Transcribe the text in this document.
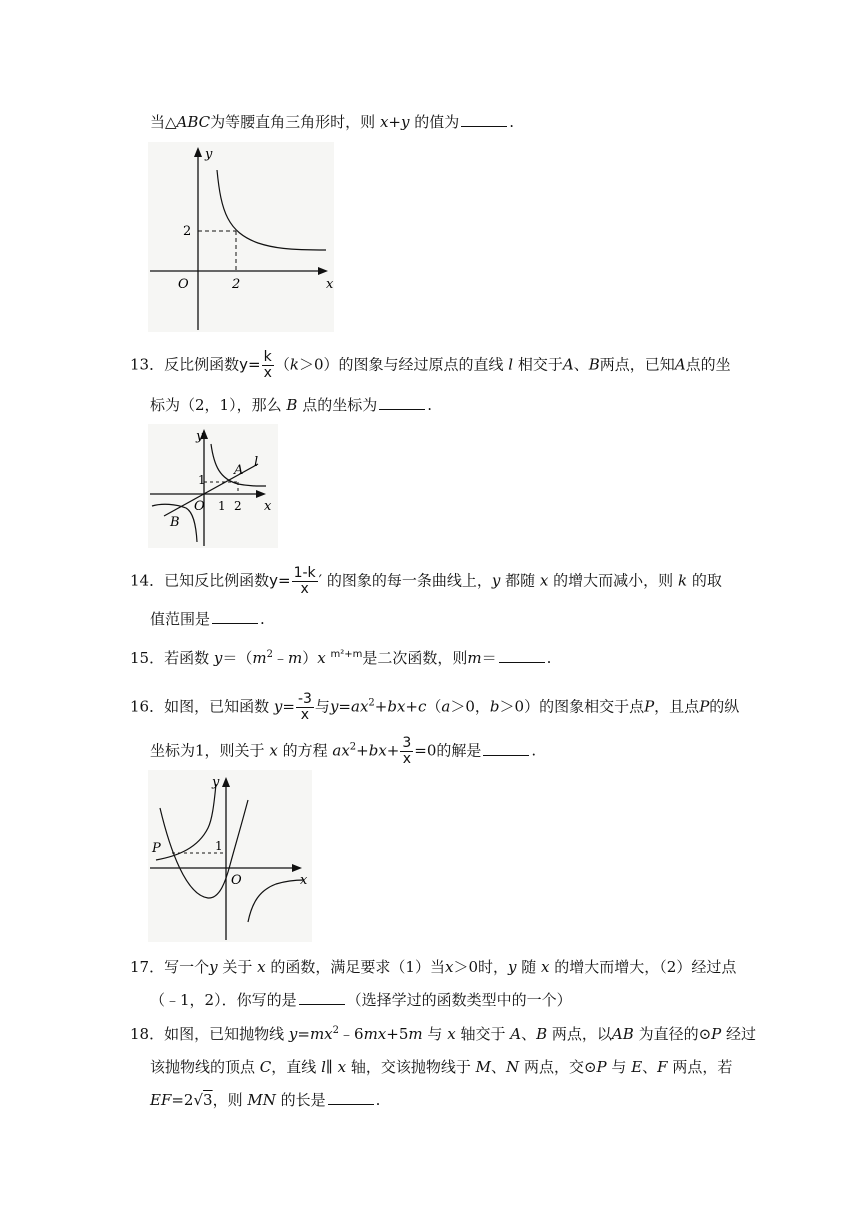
当△ABC为等腰直角三角形时，则 x+y 的值为	.
y
x
O
2
2
13．反比例函数$y= \frac{k}{x} (k>0)$的图象与经过原点的直线 l 相交于A、B两点，已知A点的坐
标为（2，1），那么 B 点的坐标为	.
y
x
O
1
1 2
A
B
l
14．已知反比例函数$y= \frac{1-k}{x}$ ′ 的图象的每一条曲线上，y 都随 x 的增大而减小，则 k 的取
值范围是	.
15．若函数 $y=(m^2﹣m)x$ $^{m^2+m}$是二次函数，则m＝	.
16．如图，已知函数 $y= \frac{-3}{x}$ 与$y=ax^2+bx+c(a>0$，b＞0）的图象相交于点P，且点P的纵
坐标为1，则关于 x 的方程 $ax^2+bx+ \frac{3}{x} =0$的解是	.
y
x
O
1
P
17．写一个y 关于 x 的函数，满足要求（1）当x＞0时，y 随 x 的增大而增大，（2）经过点
（﹣1，2）．你写的是	（选择学过的函数类型中的一个）
18．如图，已知抛物线 $y=mx^2﹣6mx+5m$ 与 x 轴交于 A、B 两点，以AB 为直径的⊙P 经过
该抛物线的顶点 C，直线 l∥ x 轴，交该抛物线于 M、N 两点，交⊙P 与 E、F 两点，若
EF=2√3，则 MN 的长是	.
